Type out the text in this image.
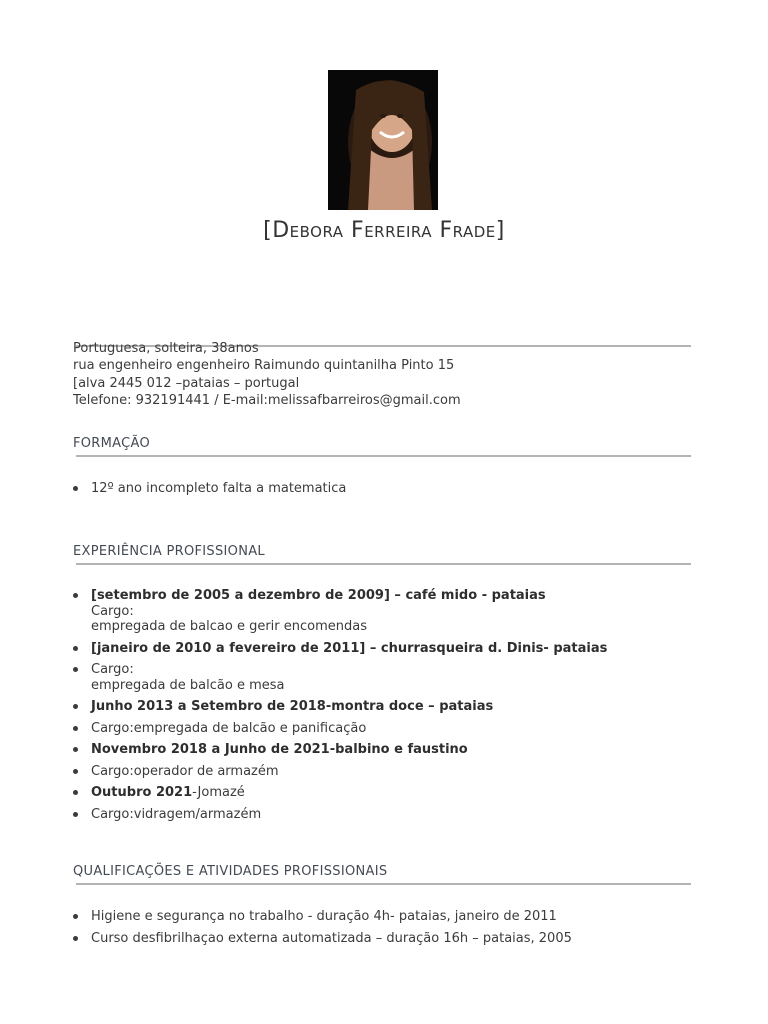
[Debora Ferreira Frade]
Portuguesa, solteira, 38anos
rua engenheiro engenheiro Raimundo quintanilha Pinto 15
[alva 2445 012 –pataias – portugal
Telefone: 932191441 / E-mail:melissafbarreiros@gmail.com
FORMAÇÃO
12º ano incompleto falta a matematica
EXPERIÊNCIA PROFISSIONAL
[setembro de 2005 a dezembro de 2009] – café mido - pataias
Cargo:
empregada de balcao e gerir encomendas
[janeiro de 2010 a fevereiro de 2011] – churrasqueira d. Dinis- pataias
Cargo:
empregada de balcão e mesa
Junho 2013 a Setembro de 2018-montra doce – pataias
Cargo:empregada de balcão e panificação
Novembro 2018 a Junho de 2021-balbino e faustino
Cargo:operador de armazém
Outubro 2021-Jomazé
Cargo:vidragem/armazém
QUALIFICAÇÕES E ATIVIDADES PROFISSIONAIS
Higiene e segurança no trabalho - duração 4h- pataias, janeiro de 2011
Curso desfibrilhaçao externa automatizada – duração 16h – pataias, 2005
